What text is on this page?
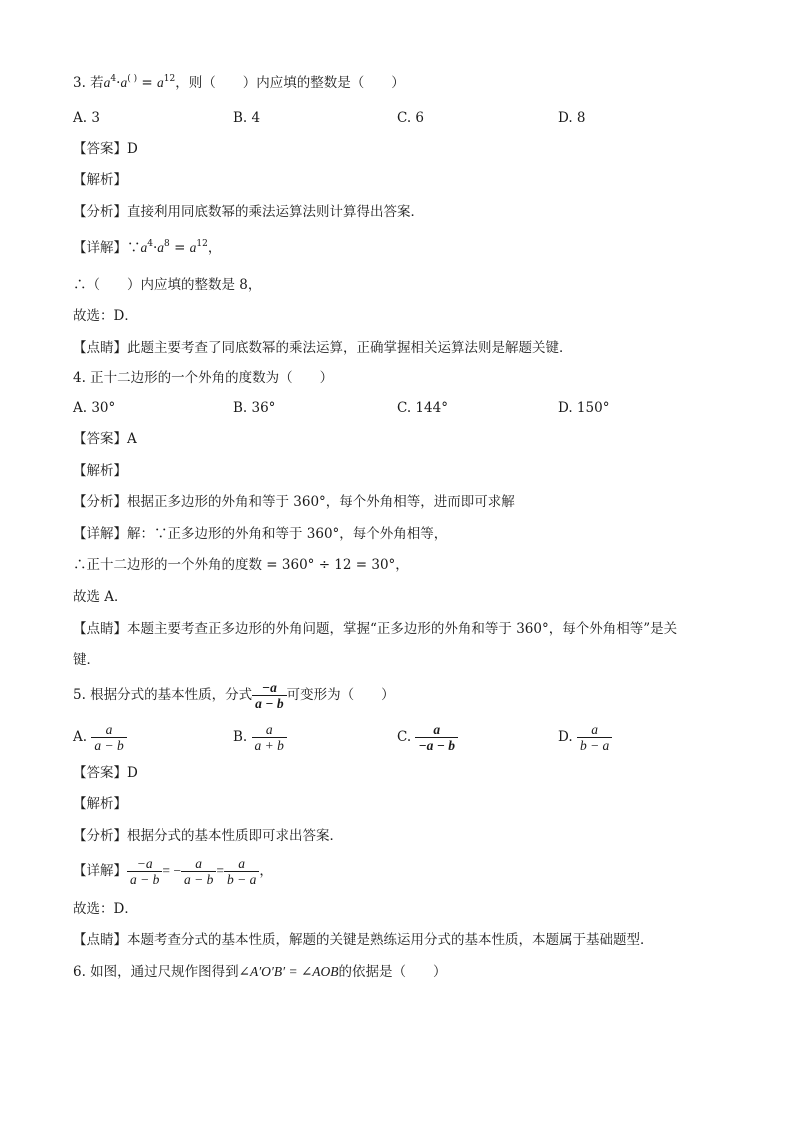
3. 若$a^4\cdot a^{( )} = a^{12}$，则（　　）内应填的整数是（　　）
A. 3	B. 4	C. 6	D. 8
【答案】D
【解析】
【分析】直接利用同底数幂的乘法运算法则计算得出答案．
【详解】$\because a^4\cdot a^8 = a^{12}$，
∴（　　）内应填的整数是 8，
故选：D．
【点睛】此题主要考查了同底数幂的乘法运算，正确掌握相关运算法则是解题关键．
4. 正十二边形的一个外角的度数为（　　）
A. 30°	B. 36°	C. 144°	D. 150°
【答案】A
【解析】
【分析】根据正多边形的外角和等于 360°，每个外角相等，进而即可求解
【详解】解：∵正多边形的外角和等于 360°，每个外角相等，
∴正十二边形的一个外角的度数 = 360° ÷ 12 = 30°，
故选 A．
【点睛】本题主要考查正多边形的外角问题，掌握“正多边形的外角和等于 360°，每个外角相等”是关
键．
5. 根据分式的基本性质，分式 $\frac{-a}{a - b}$ 可变形为（　　）
A. $\frac{a}{a - b}$	B. $\frac{a}{a + b}$	C. $\frac{a}{-a - b}$	D. $\frac{a}{b - a}$
【答案】D
【解析】
【分析】根据分式的基本性质即可求出答案．
【详解】 $\frac{-a}{a - b}$ = − $\frac{a}{a - b} = \frac{a}{b - a}$ ，
故选：D．
【点睛】本题考查分式的基本性质，解题的关键是熟练运用分式的基本性质，本题属于基础题型．
6. 如图，通过尺规作图得到∠A′O′B′ = ∠AOB的依据是（　　）
